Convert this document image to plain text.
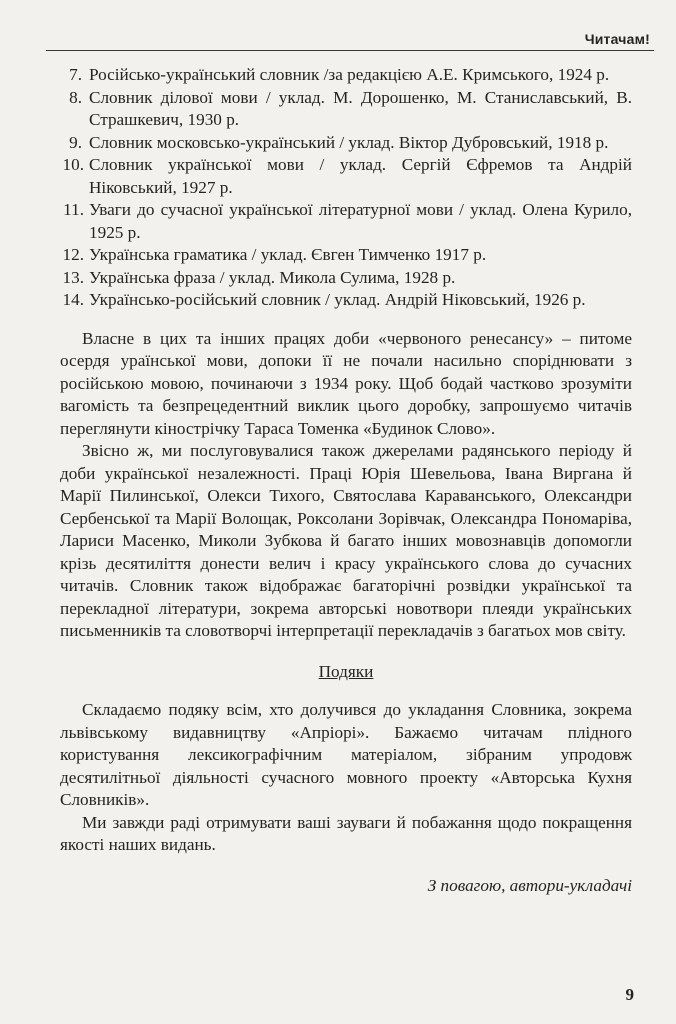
Читачам!
7. Російсько-український словник /за редакцією А.Е. Кримського, 1924 р.
8. Словник ділової мови / уклад. М. Дорошенко, М. Станиславський, В. Страшкевич, 1930 р.
9. Словник московсько-український / уклад. Віктор Дубровський, 1918 р.
10. Словник української мови / уклад. Сергій Єфремов та Андрій Ніковський, 1927 р.
11. Уваги до сучасної української літературної мови / уклад. Олена Курило, 1925 р.
12. Українська граматика / уклад. Євген Тимченко 1917 р.
13. Українська фраза / уклад. Микола Сулима, 1928 р.
14. Українсько-російський словник / уклад. Андрій Ніковський, 1926 р.

Власне в цих та інших працях доби «червоного ренесансу» – питоме осердя урaїнської мови, допоки її не почали насильно споріднювати з російською мовою, починаючи з 1934 року. Щоб бодай частково зрозуміти вагомість та безпрецедентний виклик цього доробку, запрошуємо читачів переглянути кінострічку Тараса Томенка «Будинок Слово».

Звісно ж, ми послуговувалися також джерелами радянського періоду й доби української незалежності. Праці Юрія Шевельова, Івана Виргана й Марії Пилинської, Олекси Тихого, Святослава Караванського, Олександри Сербенської та Марії Волощак, Роксолани Зорівчак, Олександра Пономаріва, Лариси Масенко, Миколи Зубкова й багато інших мовознавців допомогли крізь десятиліття донести велич і красу українського слова до сучасних читачів. Словник також відображає багаторічні розвідки української та перекладної літератури, зокрема авторські новотвори плеяди українських письменників та словотворчі інтерпретації перекладачів з багатьох мов світу.

Подяки

Складаємо подяку всім, хто долучився до укладання Словника, зокрема львівському видавництву «Апріорі». Бажаємо читачам плідного користування лексикографічним матеріалом, зібраним упродовж десятилітньої діяльності сучасного мовного проекту «Авторська Кухня Словників».

Ми завжди раді отримувати ваші зауваги й побажання щодо покращення якості наших видань.

З повагою, автори-укладачі

9
